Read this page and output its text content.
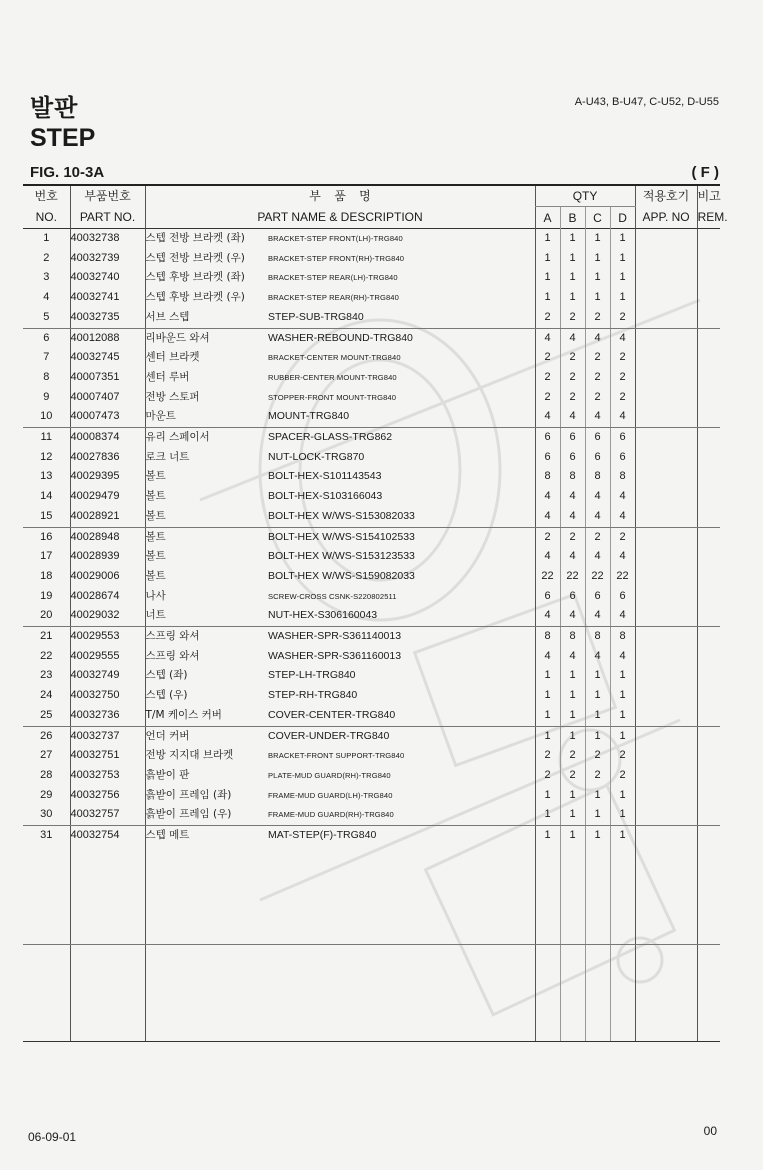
발판
STEP
A-U43, B-U47, C-U52, D-U55
FIG. 10-3A	( F )
번호	부품번호	부    품    명		QTY				적용호기	비고
NO.	PART NO.	PART NAME & DESCRIPTION		A	B	C	D	APP. NO	REM.
1	40032738	스텝 전방 브라켓 (좌)	BRACKET-STEP FRONT(LH)-TRG840	1	1	1	1		
2	40032739	스텝 전방 브라켓 (우)	BRACKET-STEP FRONT(RH)-TRG840	1	1	1	1		
3	40032740	스텝 후방 브라켓 (좌)	BRACKET-STEP REAR(LH)-TRG840	1	1	1	1		
4	40032741	스텝 후방 브라켓 (우)	BRACKET-STEP REAR(RH)-TRG840	1	1	1	1		
5	40032735	서브 스텝	STEP-SUB-TRG840	2	2	2	2		
6	40012088	리바운드 와셔	WASHER-REBOUND-TRG840	4	4	4	4		
7	40032745	센터 브라켓	BRACKET-CENTER MOUNT-TRG840	2	2	2	2		
8	40007351	센터 루버	RUBBER-CENTER MOUNT-TRG840	2	2	2	2		
9	40007407	전방 스토퍼	STOPPER-FRONT MOUNT-TRG840	2	2	2	2		
10	40007473	마운트	MOUNT-TRG840	4	4	4	4		
11	40008374	유리 스페이서	SPACER-GLASS-TRG862	6	6	6	6		
12	40027836	로크 너트	NUT-LOCK-TRG870	6	6	6	6		
13	40029395	볼트	BOLT-HEX-S101143543	8	8	8	8		
14	40029479	볼트	BOLT-HEX-S103166043	4	4	4	4		
15	40028921	볼트	BOLT-HEX W/WS-S153082033	4	4	4	4		
16	40028948	볼트	BOLT-HEX W/WS-S154102533	2	2	2	2		
17	40028939	볼트	BOLT-HEX W/WS-S153123533	4	4	4	4		
18	40029006	볼트	BOLT-HEX W/WS-S159082033	22	22	22	22		
19	40028674	나사	SCREW-CROSS CSNK-S220802511	6	6	6	6		
20	40029032	너트	NUT-HEX-S306160043	4	4	4	4		
21	40029553	스프링 와셔	WASHER-SPR-S361140013	8	8	8	8		
22	40029555	스프링 와셔	WASHER-SPR-S361160013	4	4	4	4		
23	40032749	스텝 (좌)	STEP-LH-TRG840	1	1	1	1		
24	40032750	스텝 (우)	STEP-RH-TRG840	1	1	1	1		
25	40032736	T/M 케이스 커버	COVER-CENTER-TRG840	1	1	1	1		
26	40032737	언더 커버	COVER-UNDER-TRG840	1	1	1	1		
27	40032751	전방 지지대 브라켓	BRACKET-FRONT SUPPORT-TRG840	2	2	2	2		
28	40032753	흙받이 판	PLATE-MUD GUARD(RH)-TRG840	2	2	2	2		
29	40032756	흙받이 프레임 (좌)	FRAME-MUD GUARD(LH)-TRG840	1	1	1	1		
30	40032757	흙받이 프레임 (우)	FRAME-MUD GUARD(RH)-TRG840	1	1	1	1		
31	40032754	스텝 메트	MAT-STEP(F)-TRG840	1	1	1	1		

06-09-01	00
